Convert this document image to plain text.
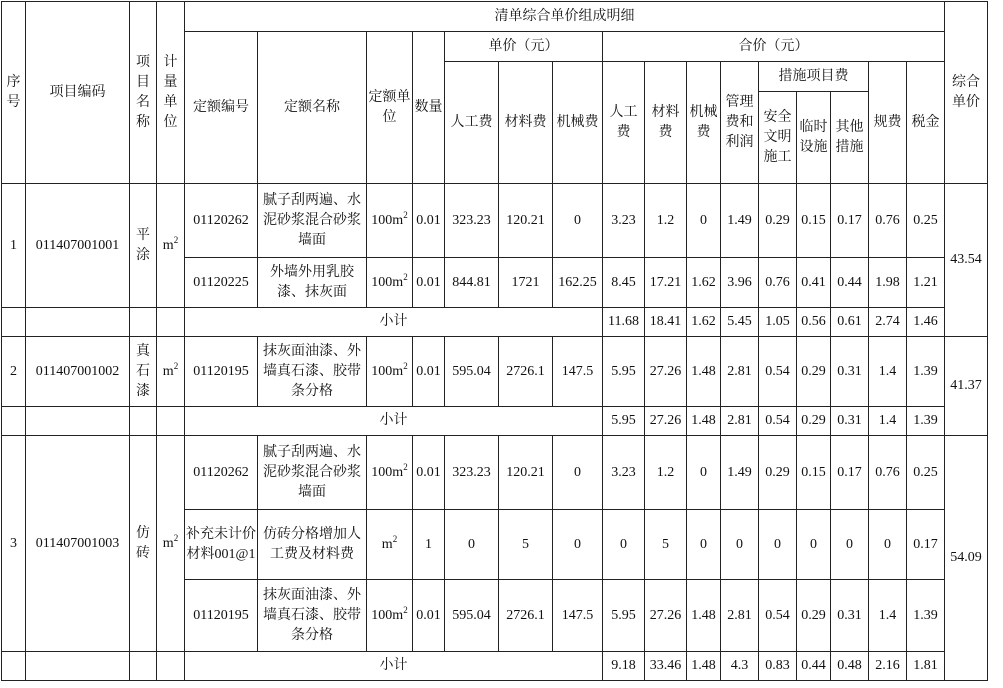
序号	项目编码	项目名称	计量单位	清单综合单价组成明细																综合单价
				定额编号	定额名称	定额单位	数量	单价（元）			合价（元）									
								人工费	材料费	机械费	人工费	材料费	机械费	管理费和利润	措施项目费			规费	税金	
															安全文明施工	临时设施	其他措施			
1	011407001001	平涂	$m^2$	01120262	腻子刮两遍、水泥砂浆混合砂浆墙面	$100m^2$	0.01	323.23	120.21	0	3.23	1.2	0	1.49	0.29	0.15	0.17	0.76	0.25	43.54
				01120225	外墙外用乳胶漆、抹灰面	$100m^2$	0.01	844.81	1721	162.25	8.45	17.21	1.62	3.96	0.76	0.41	0.44	1.98	1.21	
				小计							11.68	18.41	1.62	5.45	1.05	0.56	0.61	2.74	1.46	
2	011407001002	真石漆	$m^2$	01120195	抹灰面油漆、外墙真石漆、胶带条分格	$100m^2$	0.01	595.04	2726.1	147.5	5.95	27.26	1.48	2.81	0.54	0.29	0.31	1.4	1.39	41.37
				小计							5.95	27.26	1.48	2.81	0.54	0.29	0.31	1.4	1.39	
3	011407001003	仿砖	$m^2$	01120262	腻子刮两遍、水泥砂浆混合砂浆墙面	$100m^2$	0.01	323.23	120.21	0	3.23	1.2	0	1.49	0.29	0.15	0.17	0.76	0.25	54.09
				补充未计价材料001@1	仿砖分格增加人工费及材料费	$m^2$	1	0	5	0	0	5	0	0	0	0	0	0	0.17	
				01120195	抹灰面油漆、外墙真石漆、胶带条分格	$100m^2$	0.01	595.04	2726.1	147.5	5.95	27.26	1.48	2.81	0.54	0.29	0.31	1.4	1.39	
				小计							9.18	33.46	1.48	4.3	0.83	0.44	0.48	2.16	1.81	
